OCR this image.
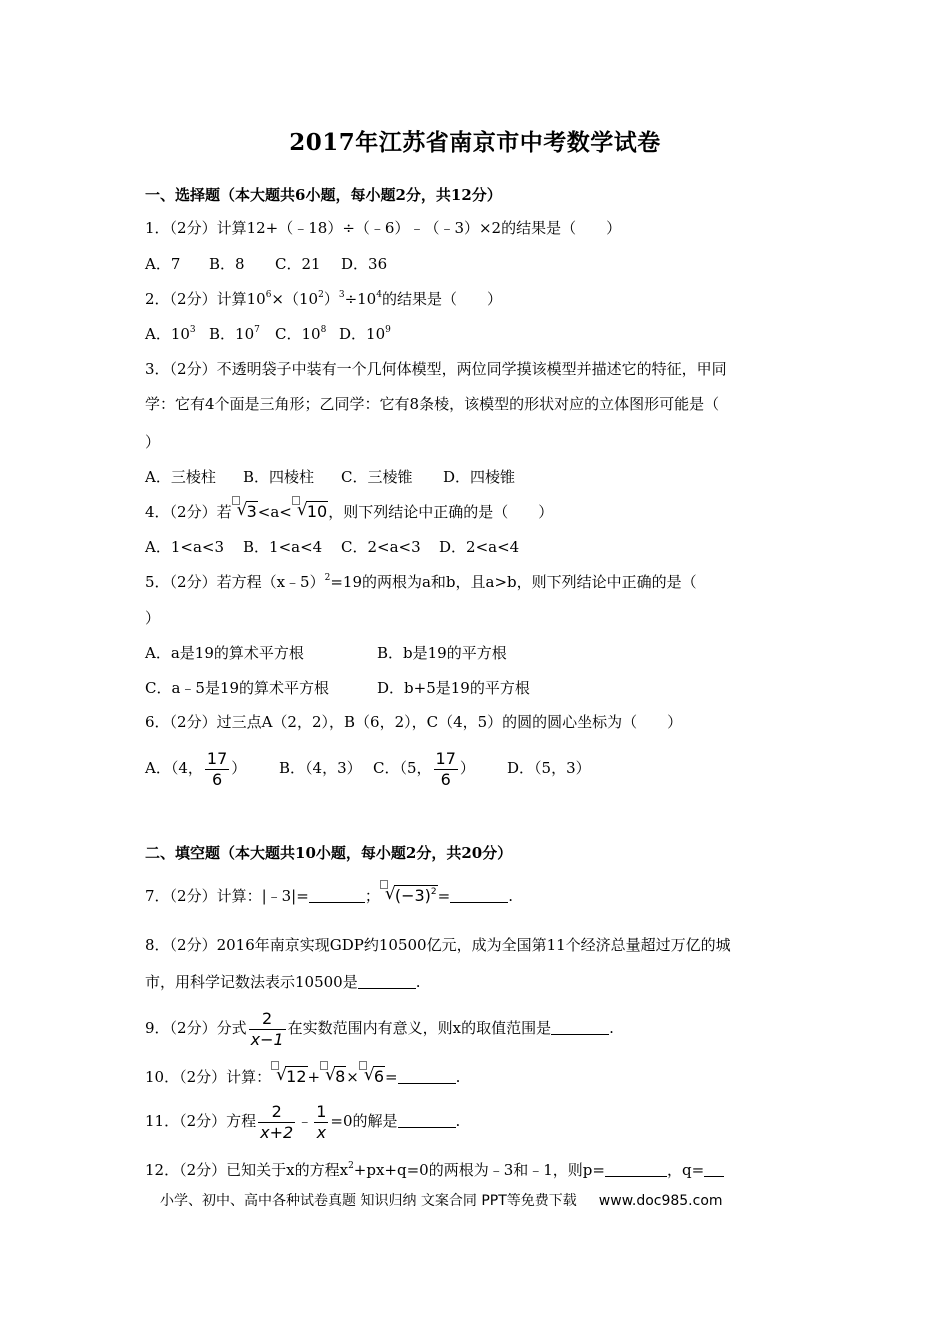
2017年江苏省南京市中考数学试卷
一、选择题（本大题共6小题，每小题2分，共12分）
1．（2分）计算12+（﹣18）÷（﹣6）﹣（﹣3）×2的结果是（　　）
A．7 B．8 C．21 D．36
2．（2分）计算$10^6\times(10^2)^3\div 10^4$的结果是（　　）
A．$10^3$ B．$10^7$ C．$10^8$ D．$10^9$
3．（2分）不透明袋子中装有一个几何体模型，两位同学摸该模型并描述它的特征，甲同
学：它有4个面是三角形；乙同学：它有8条棱，该模型的形状对应的立体图形可能是（
）
A．三棱柱 B．四棱柱 C．三棱锥 D．四棱锥
4．（2分）若 √ 3<a< √ 10，则下列结论中正确的是（　　）
A．1<a<3 B．1<a<4 C．2<a<3 D．2<a<4
5．（2分）若方程（x﹣5）$^2$=19的两根为a和b，且a>b，则下列结论中正确的是（
）
A．a是19的算术平方根	B．b是19的平方根
C．a﹣5是19的算术平方根	D．b+5是19的平方根
6．（2分）过三点A（2，2），B（6，2），C（4，5）的圆的圆心坐标为（　　）
A．（4， $\frac{17}{6}$ ） B．（4，3） C．（5， $\frac{17}{6}$ ） D．（5，3）
二、填空题（本大题共10小题，每小题2分，共20分）
7．（2分）计算：|﹣3|=	； √ $(-3)^2=$	.
8．（2分）2016年南京实现GDP约10500亿元，成为全国第11个经济总量超过万亿的城
市，用科学记数法表示10500是	.
9．（2分）分式 $\frac{2}{x-1}$ 在实数范围内有意义，则x的取值范围是	.
10．（2分）计算： √ 12+ √ 8× √ 6=	.
11．（2分）方程 $\frac{2}{x+2}$ ﹣ $\frac{1}{x} =0$的解是	.
12．（2分）已知关于x的方程$x^2+px+q=0$的两根为﹣3和﹣1，则p=	，q=
小学、初中、高中各种试卷真题 知识归纳 文案合同 PPT等免费下载 www.doc985.com
